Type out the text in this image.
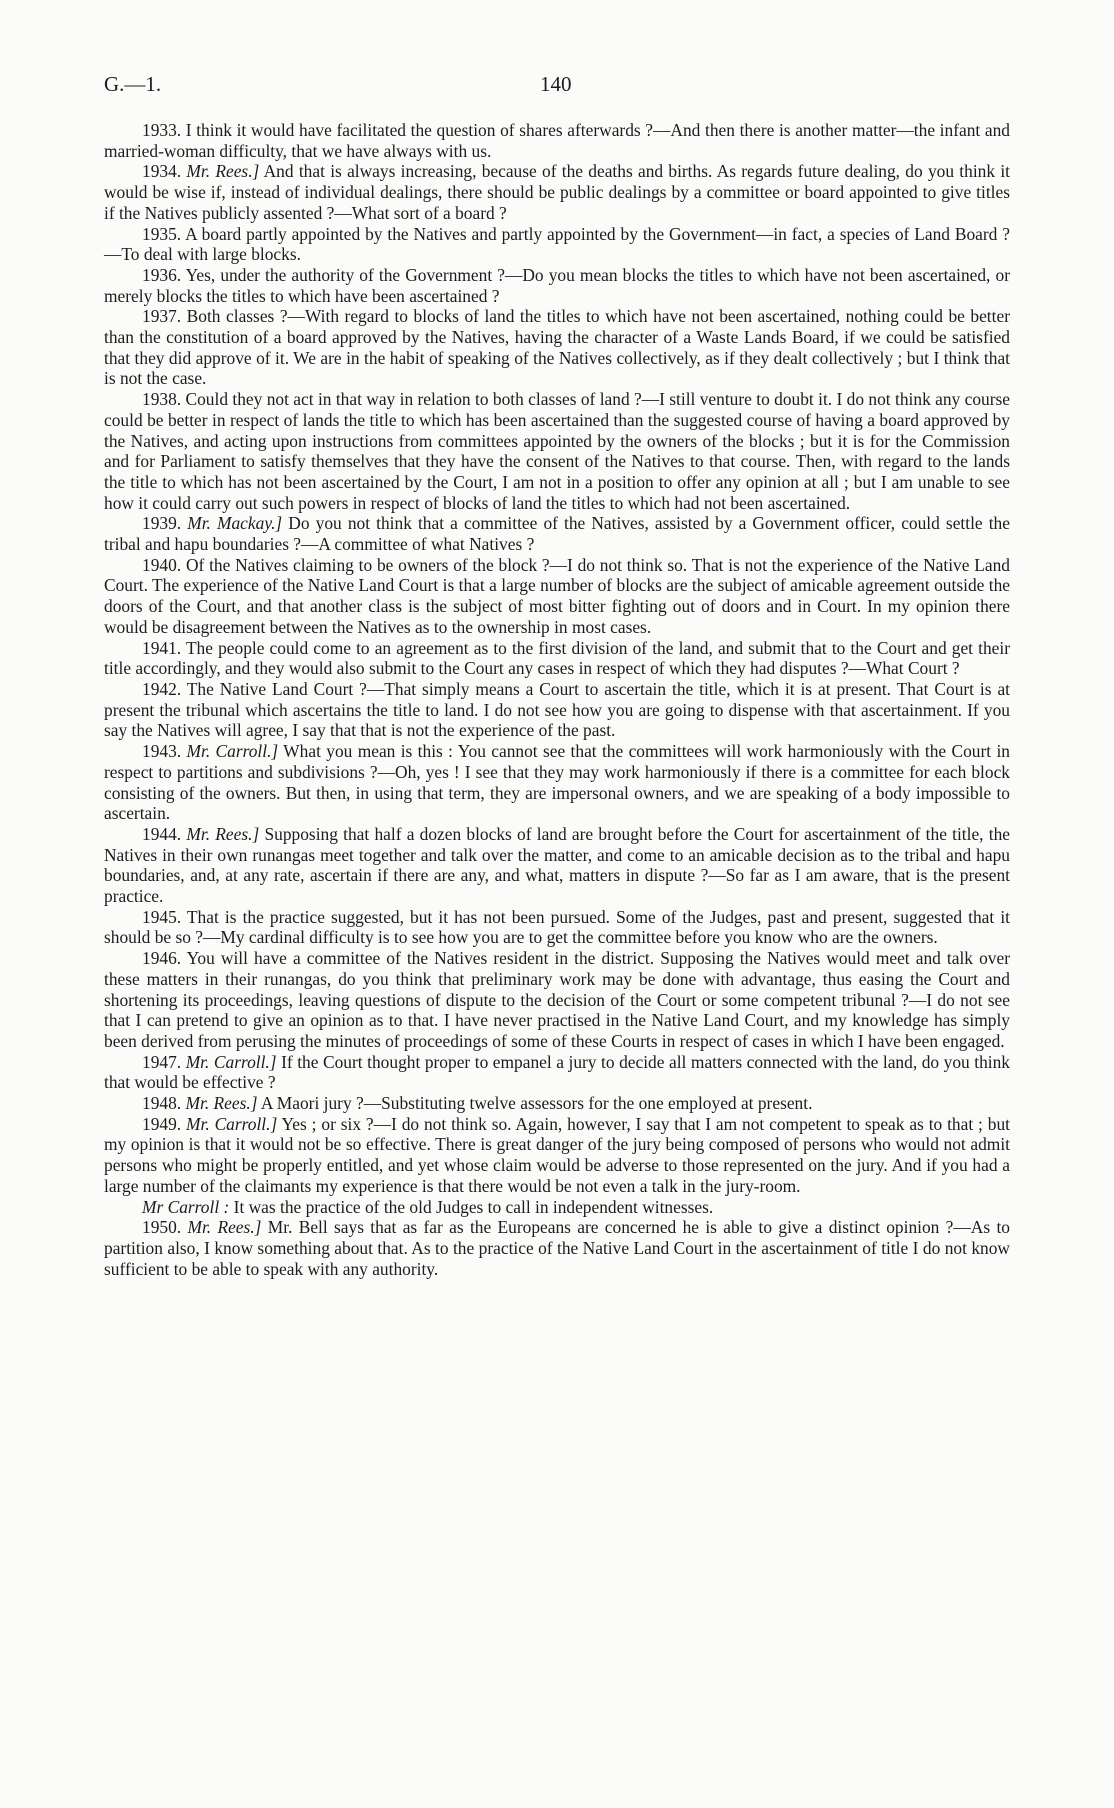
G.—1.	140

1933. I think it would have facilitated the question of shares afterwards ?—And then there is another matter—the infant and married-woman difficulty, that we have always with us.

1934. Mr. Rees.] And that is always increasing, because of the deaths and births. As regards future dealing, do you think it would be wise if, instead of individual dealings, there should be public dealings by a committee or board appointed to give titles if the Natives publicly assented ?—What sort of a board ?

1935. A board partly appointed by the Natives and partly appointed by the Government—in fact, a species of Land Board ?—To deal with large blocks.

1936. Yes, under the authority of the Government ?—Do you mean blocks the titles to which have not been ascertained, or merely blocks the titles to which have been ascertained ?

1937. Both classes ?—With regard to blocks of land the titles to which have not been ascertained, nothing could be better than the constitution of a board approved by the Natives, having the character of a Waste Lands Board, if we could be satisfied that they did approve of it. We are in the habit of speaking of the Natives collectively, as if they dealt collectively ; but I think that is not the case.

1938. Could they not act in that way in relation to both classes of land ?—I still venture to doubt it. I do not think any course could be better in respect of lands the title to which has been ascertained than the suggested course of having a board approved by the Natives, and acting upon instructions from committees appointed by the owners of the blocks ; but it is for the Commission and for Parliament to satisfy themselves that they have the consent of the Natives to that course. Then, with regard to the lands the title to which has not been ascertained by the Court, I am not in a position to offer any opinion at all ; but I am unable to see how it could carry out such powers in respect of blocks of land the titles to which had not been ascertained.

1939. Mr. Mackay.] Do you not think that a committee of the Natives, assisted by a Government officer, could settle the tribal and hapu boundaries ?—A committee of what Natives ?

1940. Of the Natives claiming to be owners of the block ?—I do not think so. That is not the experience of the Native Land Court. The experience of the Native Land Court is that a large number of blocks are the subject of amicable agreement outside the doors of the Court, and that another class is the subject of most bitter fighting out of doors and in Court. In my opinion there would be disagreement between the Natives as to the ownership in most cases.

1941. The people could come to an agreement as to the first division of the land, and submit that to the Court and get their title accordingly, and they would also submit to the Court any cases in respect of which they had disputes ?—What Court ?

1942. The Native Land Court ?—That simply means a Court to ascertain the title, which it is at present. That Court is at present the tribunal which ascertains the title to land. I do not see how you are going to dispense with that ascertainment. If you say the Natives will agree, I say that that is not the experience of the past.

1943. Mr. Carroll.] What you mean is this : You cannot see that the committees will work harmoniously with the Court in respect to partitions and subdivisions ?—Oh, yes ! I see that they may work harmoniously if there is a committee for each block consisting of the owners. But then, in using that term, they are impersonal owners, and we are speaking of a body impossible to ascertain.

1944. Mr. Rees.] Supposing that half a dozen blocks of land are brought before the Court for ascertainment of the title, the Natives in their own runangas meet together and talk over the matter, and come to an amicable decision as to the tribal and hapu boundaries, and, at any rate, ascertain if there are any, and what, matters in dispute ?—So far as I am aware, that is the present practice.

1945. That is the practice suggested, but it has not been pursued. Some of the Judges, past and present, suggested that it should be so ?—My cardinal difficulty is to see how you are to get the committee before you know who are the owners.

1946. You will have a committee of the Natives resident in the district. Supposing the Natives would meet and talk over these matters in their runangas, do you think that preliminary work may be done with advantage, thus easing the Court and shortening its proceedings, leaving questions of dispute to the decision of the Court or some competent tribunal ?—I do not see that I can pretend to give an opinion as to that. I have never practised in the Native Land Court, and my knowledge has simply been derived from perusing the minutes of proceedings of some of these Courts in respect of cases in which I have been engaged.

1947. Mr. Carroll.] If the Court thought proper to empanel a jury to decide all matters connected with the land, do you think that would be effective ?

1948. Mr. Rees.] A Maori jury ?—Substituting twelve assessors for the one employed at present.

1949. Mr. Carroll.] Yes ; or six ?—I do not think so. Again, however, I say that I am not competent to speak as to that ; but my opinion is that it would not be so effective. There is great danger of the jury being composed of persons who would not admit persons who might be properly entitled, and yet whose claim would be adverse to those represented on the jury. And if you had a large number of the claimants my experience is that there would be not even a talk in the jury-room.

Mr Carroll : It was the practice of the old Judges to call in independent witnesses.

1950. Mr. Rees.] Mr. Bell says that as far as the Europeans are concerned he is able to give a distinct opinion ?—As to partition also, I know something about that. As to the practice of the Native Land Court in the ascertainment of title I do not know sufficient to be able to speak with any authority.
